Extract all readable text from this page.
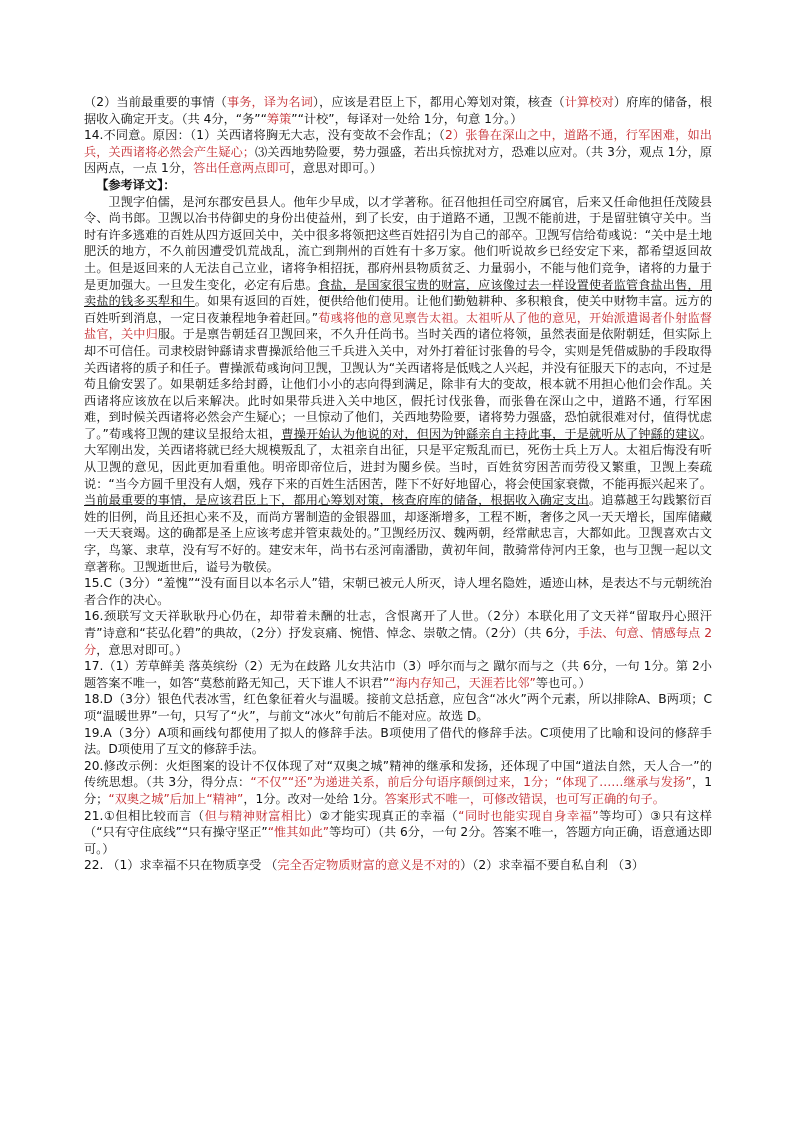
（2）当前最重要的事情（事务，译为名词），应该是君臣上下，都用心筹划对策，核查（计算校对）府库的储备，根据收入确定开支。（共 4分，“务”“筹策”“计校”，每译对一处给 1分，句意 1分。）

14.不同意。原因：（1）关西诸将胸无大志，没有变故不会作乱；（2）张鲁在深山之中，道路不通，行军困难，如出兵，关西诸将必然会产生疑心；⑶关西地势险要，势力强盛，若出兵惊扰对方，恐难以应对。（共 3分，观点 1分，原因两点，一点 1分，答出任意两点即可，意思对即可。）

【参考译文】：

卫觊字伯儒，是河东郡安邑县人。他年少早成，以才学著称。征召他担任司空府属官，后来又任命他担任茂陵县令、尚书郎。卫觊以冶书侍御史的身份出使益州，到了长安，由于道路不通，卫觊不能前进，于是留驻镇守关中。当时有许多逃难的百姓从四方返回关中，关中很多将领把这些百姓招引为自己的部卒。卫觊写信给荀彧说：“关中是土地肥沃的地方，不久前因遭受饥荒战乱，流亡到荆州的百姓有十多万家。他们听说故乡已经安定下来，都希望返回故土。但是返回来的人无法自己立业，诸将争相招抚，郡府州县物质贫乏、力量弱小，不能与他们竞争，诸将的力量于是更加强大。一旦发生变化，必定有后患。食盐，是国家很宝贵的财富，应该像过去一样设置使者监管食盐出售，用卖盐的钱多买犁和牛。如果有返回的百姓，便供给他们使用。让他们勤勉耕种、多积粮食，使关中财物丰富。远方的百姓听到消息，一定日夜兼程地争着赶回。”荀彧将他的意见禀告太祖。太祖听从了他的意见，开始派遣谒者仆射监督盐官，关中归服。于是禀告朝廷召卫觊回来，不久升任尚书。当时关西的诸位将领，虽然表面是依附朝廷，但实际上却不可信任。司隶校尉钟繇请求曹操派给他三千兵进入关中，对外打着征讨张鲁的号令，实则是凭借威胁的手段取得关西诸将的质子和任子。曹操派荀彧询问卫觊，卫觊认为“关西诸将是低贱之人兴起，并没有征服天下的志向，不过是苟且偷安罢了。如果朝廷多给封爵，让他们小小的志向得到满足，除非有大的变故，根本就不用担心他们会作乱。关西诸将应该放在以后来解决。此时如果带兵进入关中地区，假托讨伐张鲁，而张鲁在深山之中，道路不通，行军困难，到时候关西诸将必然会产生疑心；一旦惊动了他们，关西地势险要，诸将势力强盛，恐怕就很难对付，值得忧虑了。”荀彧将卫觊的建议呈报给太祖，曹操开始认为他说的对，但因为钟繇亲自主持此事，于是就听从了钟繇的建议。大军刚出发，关西诸将就已经大规模叛乱了，太祖亲自出征，只是平定叛乱而已，死伤士兵上万人。太祖后悔没有听从卫觊的意见，因此更加看重他。明帝即帝位后，进封为閺乡侯。当时，百姓贫穷困苦而劳役又繁重，卫觊上奏疏说：“当今方圆千里没有人烟，残存下来的百姓生活困苦，陛下不好好地留心，将会使国家衰微，不能再振兴起来了。当前最重要的事情，是应该君臣上下，都用心筹划对策，核查府库的储备，根据收入确定支出。追慕越王勾践繁衍百姓的旧例，尚且还担心来不及，而尚方署制造的金银器皿，却逐渐增多，工程不断，奢侈之风一天天增长，国库储藏一天天衰竭。这的确都是圣上应该考虑并管束裁处的。”卫觊经历汉、魏两朝，经常献忠言，大都如此。卫觊喜欢古文字，鸟篆、隶草，没有写不好的。建安末年，尚书右丞河南潘勖，黄初年间，散骑常侍河内王象，也与卫觊一起以文章著称。卫觊逝世后，谥号为敬侯。

15.C（3分）“羞愧”“没有面目以本名示人”错，宋朝已被元人所灭，诗人埋名隐姓，遁迹山林，是表达不与元朝统治者合作的决心。

16.颈联写文天祥耿耿丹心仍在，却带着未酬的壮志，含恨离开了人世。（2分）本联化用了文天祥“留取丹心照汗青”诗意和“苌弘化碧”的典故，（2分）抒发哀痛、惋惜、悼念、崇敬之情。（2分）（共 6分，手法、句意、情感每点 2分，意思对即可。）

17.（1）芳草鲜美 落英缤纷（2）无为在歧路 儿女共沾巾（3）呼尔而与之 蹴尔而与之（共 6分，一句 1分。第 2小题答案不唯一，如答“莫愁前路无知己，天下谁人不识君”“海内存知己，天涯若比邻”等也可。）

18.D（3分）银色代表冰雪，红色象征着火与温暖。接前文总括意，应包含“冰火”两个元素，所以排除A、B两项；C项“温暖世界”一句，只写了“火”，与前文“冰火”句前后不能对应。故选 D。

19.A（3分）A项和画线句都使用了拟人的修辞手法。B项使用了借代的修辞手法。C项使用了比喻和设问的修辞手法。D项使用了互文的修辞手法。

20.修改示例：火炬图案的设计不仅体现了对“双奥之城”精神的继承和发扬，还体现了中国“道法自然，天人合一”的传统思想。（共 3分，得分点：“不仅”“还”为递进关系，前后分句语序颠倒过来，1分；“体现了……继承与发扬”，1分；“双奥之城”后加上“精神”，1分。改对一处给 1分。答案形式不唯一，可修改错误，也可写正确的句子。

21.①但相比较而言（但与精神财富相比）②才能实现真正的幸福（“同时也能实现自身幸福”等均可）③只有这样（“只有守住底线”“只有操守坚正”“惟其如此”等均可）（共 6分，一句 2分。答案不唯一，答题方向正确，语意通达即可。）

22. （1）求幸福不只在物质享受 （完全否定物质财富的意义是不对的）（2）求幸福不要自私自利 （3）
